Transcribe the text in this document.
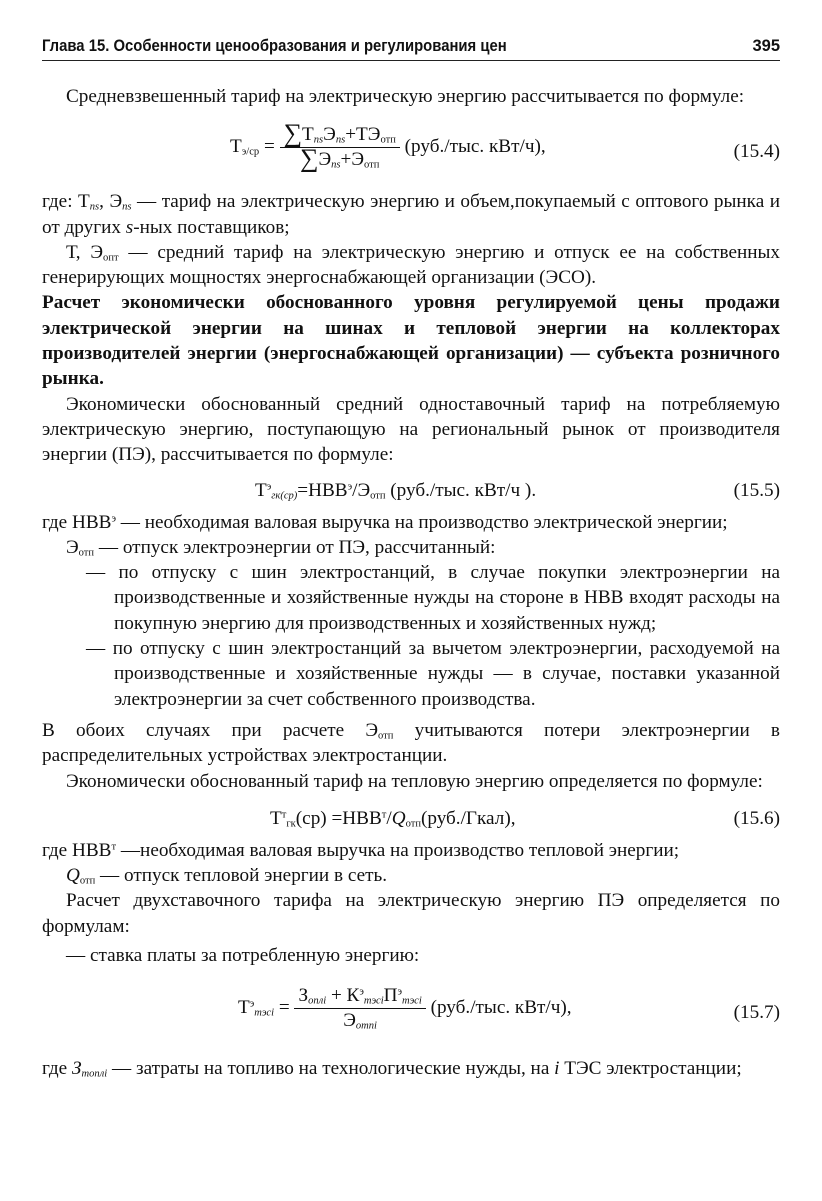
Глава 15. Особенности ценообразования и регулирования цен	395

Средневзвешенный тариф на электрическую энергию рассчитывается по формуле:

$Т_{э/ср} = \frac{\sum Т_{ns}Э_{ns}+ТЭ_{отп}}{\sum Э_{ns}+Э_{отп}} (руб./тыс$. кВт/ч),	(15.4)

где: $Т_{ns}$, $Э_{ns}$ — тариф на электрическую энергию и объем,покупаемый с оптового рынка и от других s-ных поставщиков;

Т, $Э_{опт}$ — средний тариф на электрическую энергию и отпуск ее на собственных генерирующих мощностях энергоснабжающей организации (ЭСО).

Расчет экономически обоснованного уровня регулируемой цены продажи электрической энергии на шинах и тепловой энергии на коллекторах производителей энергии (энергоснабжающей организации) — субъекта розничного рынка.

Экономически обоснованный средний одноставочный тариф на потребляемую электрическую энергию, поступающую на региональный рынок от производителя энергии (ПЭ), рассчитывается по формуле:

$Т^э_{гк(ср)}=НВВ^э/Э_{отп}$ (руб./тыс. кВт/ч ).	(15.5)

где $НВВ^э$ — необходимая валовая выручка на производство электрической энергии;

$Э_{отп}$ — отпуск электроэнергии от ПЭ, рассчитанный:

— по отпуску с шин электростанций, в случае покупки электроэнергии на производственные и хозяйственные нужды на стороне в НВВ входят расходы на покупную энергию для производственных и хозяйственных нужд;

— по отпуску с шин электростанций за вычетом электроэнергии, расходуемой на производственные и хозяйственные нужды — в случае, поставки указанной электроэнергии за счет собственного производства.

В обоих случаях при расчете $Э_{отп}$ учитываются потери электроэнергии в распределительных устройствах электростанции.

Экономически обоснованный тариф на тепловую энергию определяется по формуле:

$Т^т_{гк}(ср)$ $=НВВ^т/Q_{отп}(руб./Гкал)$,	(15.6)

где $НВВ^т$ —необходимая валовая выручка на производство тепловой энергии;

$Q_{отп}$ — отпуск тепловой энергии в сеть.

Расчет двухставочного тарифа на электрическую энергию ПЭ определяется по формулам:

— ставка платы за потребленную энергию:

$Т^э_{тэсi} = \frac{З_{оплi} + К^э_{тэсi}П^э_{тэсi}}{Э_{отпi}} (руб./тыс$. кВт/ч),	(15.7)

где $З_{топлi}$ — затраты на топливо на технологические нужды, на i ТЭС электростанции;
